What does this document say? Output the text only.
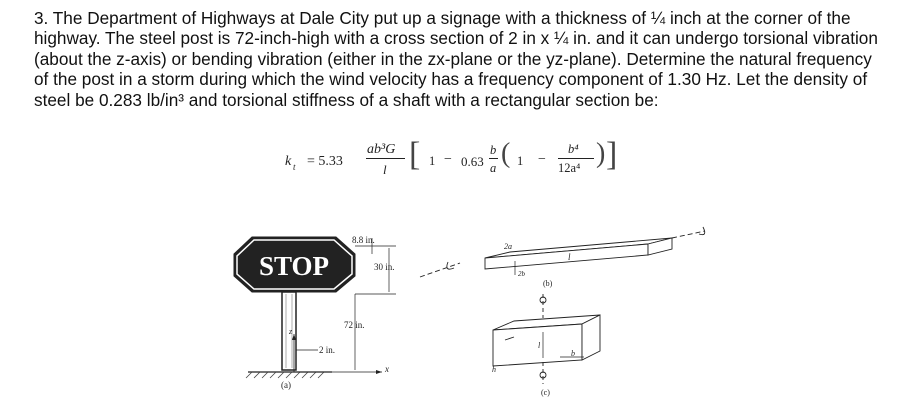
3. The Department of Highways at Dale City put up a signage with a thickness of ¼ inch at the corner of the highway. The steel post is 72-inch-high with a cross section of 2 in x ¼ in. and it can undergo torsional vibration (about the z-axis) or bending vibration (either in the zx-plane or the yz-plane). Determine the natural frequency of the post in a storm during which the wind velocity has a frequency component of 1.30 Hz. Let the density of steel be 0.283 lb/in³ and torsional stiffness of a shaft with a rectangular section be:
k t = 5.33
ab³G
l [ 1 − 0.63
b
a ( 1 −
b⁴
12a⁴ ) ]
STOP
8.8 in.
30 in.
72 in.
2 in.
x
z
(a)
2a
2b
l
(b)
l
b
h
(c)
